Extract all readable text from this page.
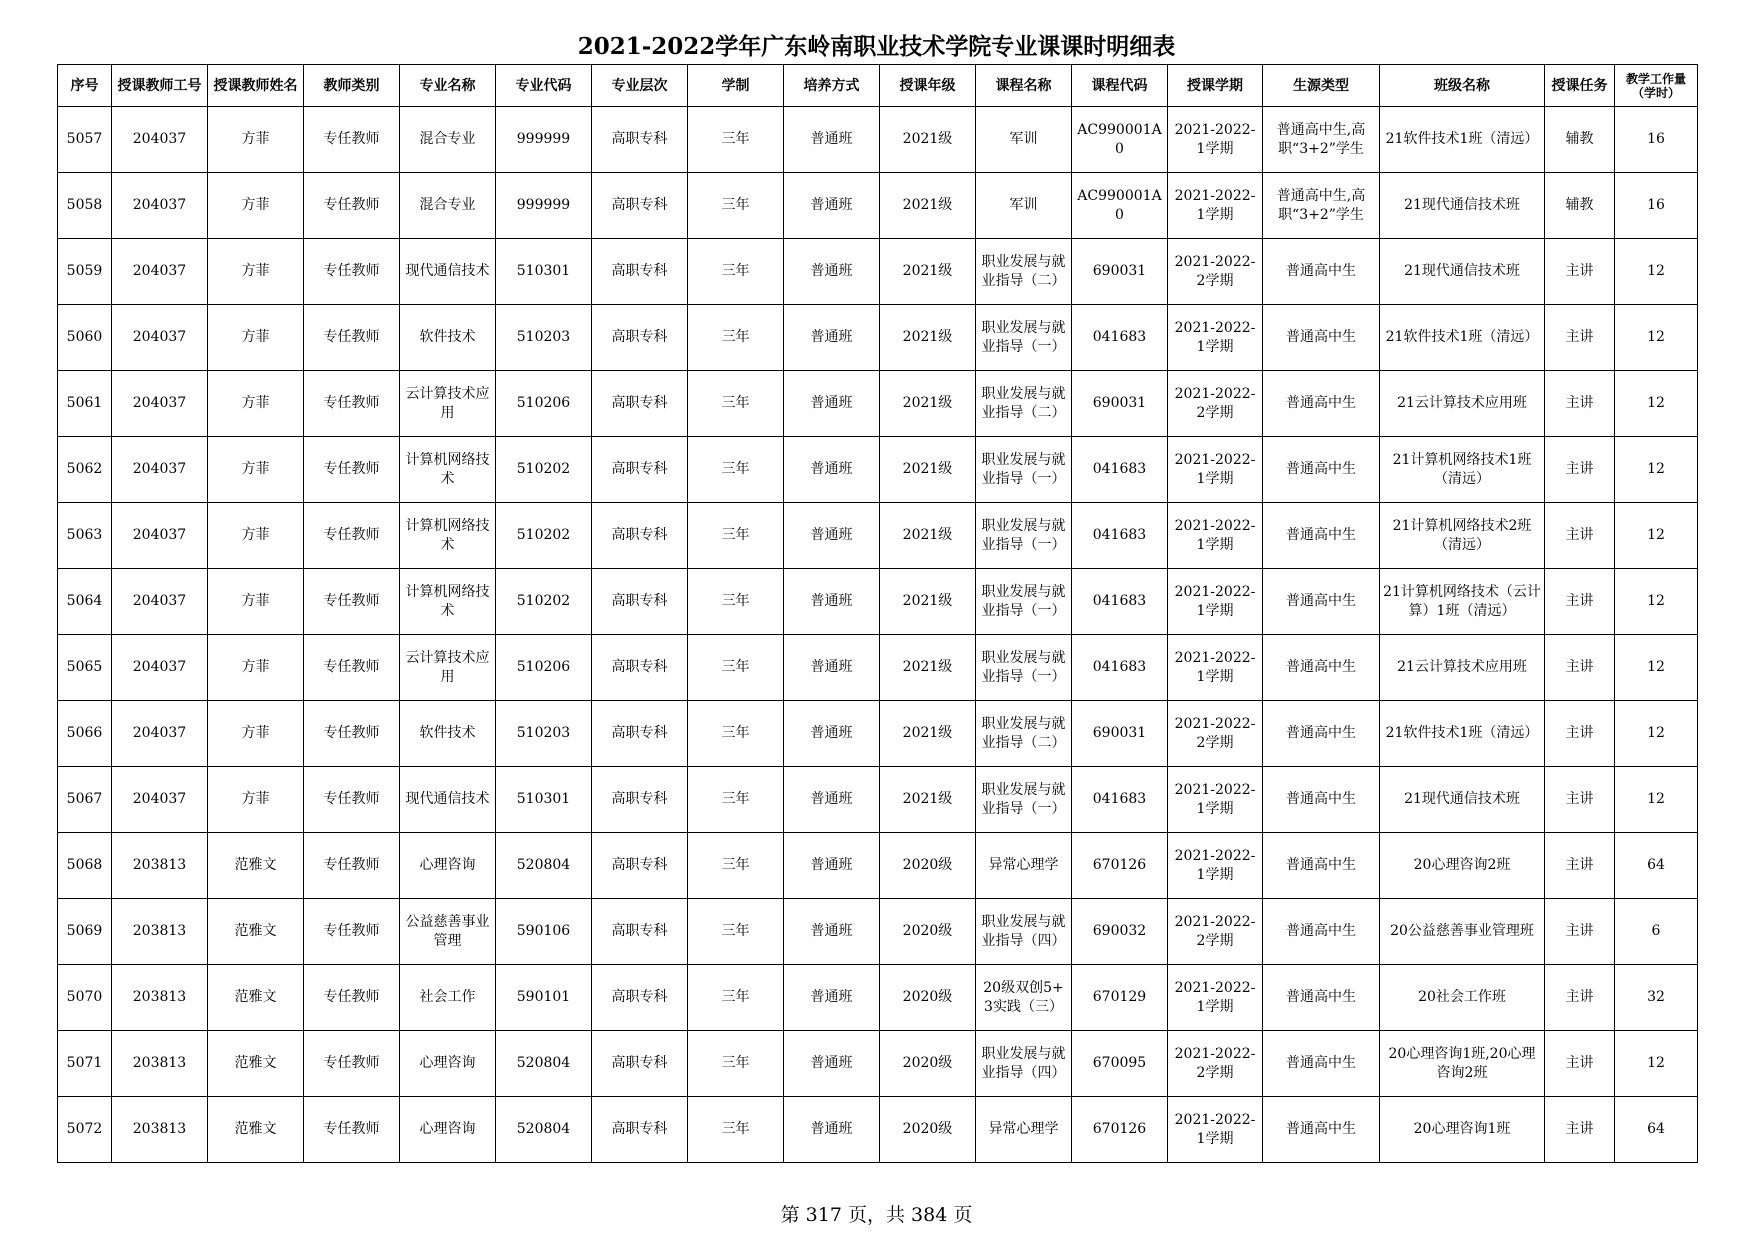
2021-2022学年广东岭南职业技术学院专业课课时明细表
序号	授课教师工号	授课教师姓名	教师类别	专业名称	专业代码	专业层次	学制	培养方式	授课年级	课程名称	课程代码	授课学期	生源类型	班级名称	授课任务	教学工作量（学时）
5057	204037	方菲	专任教师	混合专业	999999	高职专科	三年	普通班	2021级	军训	AC990001A0	2021-2022-1学期	普通高中生,高职“3+2”学生	21软件技术1班（清远）	辅教	16
5058	204037	方菲	专任教师	混合专业	999999	高职专科	三年	普通班	2021级	军训	AC990001A0	2021-2022-1学期	普通高中生,高职“3+2”学生	21现代通信技术班	辅教	16
5059	204037	方菲	专任教师	现代通信技术	510301	高职专科	三年	普通班	2021级	职业发展与就业指导（二）	690031	2021-2022-2学期	普通高中生	21现代通信技术班	主讲	12
5060	204037	方菲	专任教师	软件技术	510203	高职专科	三年	普通班	2021级	职业发展与就业指导（一）	041683	2021-2022-1学期	普通高中生	21软件技术1班（清远）	主讲	12
5061	204037	方菲	专任教师	云计算技术应用	510206	高职专科	三年	普通班	2021级	职业发展与就业指导（二）	690031	2021-2022-2学期	普通高中生	21云计算技术应用班	主讲	12
5062	204037	方菲	专任教师	计算机网络技术	510202	高职专科	三年	普通班	2021级	职业发展与就业指导（一）	041683	2021-2022-1学期	普通高中生	21计算机网络技术1班（清远）	主讲	12
5063	204037	方菲	专任教师	计算机网络技术	510202	高职专科	三年	普通班	2021级	职业发展与就业指导（一）	041683	2021-2022-1学期	普通高中生	21计算机网络技术2班（清远）	主讲	12
5064	204037	方菲	专任教师	计算机网络技术	510202	高职专科	三年	普通班	2021级	职业发展与就业指导（一）	041683	2021-2022-1学期	普通高中生	21计算机网络技术（云计算）1班（清远）	主讲	12
5065	204037	方菲	专任教师	云计算技术应用	510206	高职专科	三年	普通班	2021级	职业发展与就业指导（一）	041683	2021-2022-1学期	普通高中生	21云计算技术应用班	主讲	12
5066	204037	方菲	专任教师	软件技术	510203	高职专科	三年	普通班	2021级	职业发展与就业指导（二）	690031	2021-2022-2学期	普通高中生	21软件技术1班（清远）	主讲	12
5067	204037	方菲	专任教师	现代通信技术	510301	高职专科	三年	普通班	2021级	职业发展与就业指导（一）	041683	2021-2022-1学期	普通高中生	21现代通信技术班	主讲	12
5068	203813	范雅文	专任教师	心理咨询	520804	高职专科	三年	普通班	2020级	异常心理学	670126	2021-2022-1学期	普通高中生	20心理咨询2班	主讲	64
5069	203813	范雅文	专任教师	公益慈善事业管理	590106	高职专科	三年	普通班	2020级	职业发展与就业指导（四）	690032	2021-2022-2学期	普通高中生	20公益慈善事业管理班	主讲	6
5070	203813	范雅文	专任教师	社会工作	590101	高职专科	三年	普通班	2020级	20级双创5+3实践（三）	670129	2021-2022-1学期	普通高中生	20社会工作班	主讲	32
5071	203813	范雅文	专任教师	心理咨询	520804	高职专科	三年	普通班	2020级	职业发展与就业指导（四）	670095	2021-2022-2学期	普通高中生	20心理咨询1班,20心理咨询2班	主讲	12
5072	203813	范雅文	专任教师	心理咨询	520804	高职专科	三年	普通班	2020级	异常心理学	670126	2021-2022-1学期	普通高中生	20心理咨询1班	主讲	64
第 317 页，共 384 页
